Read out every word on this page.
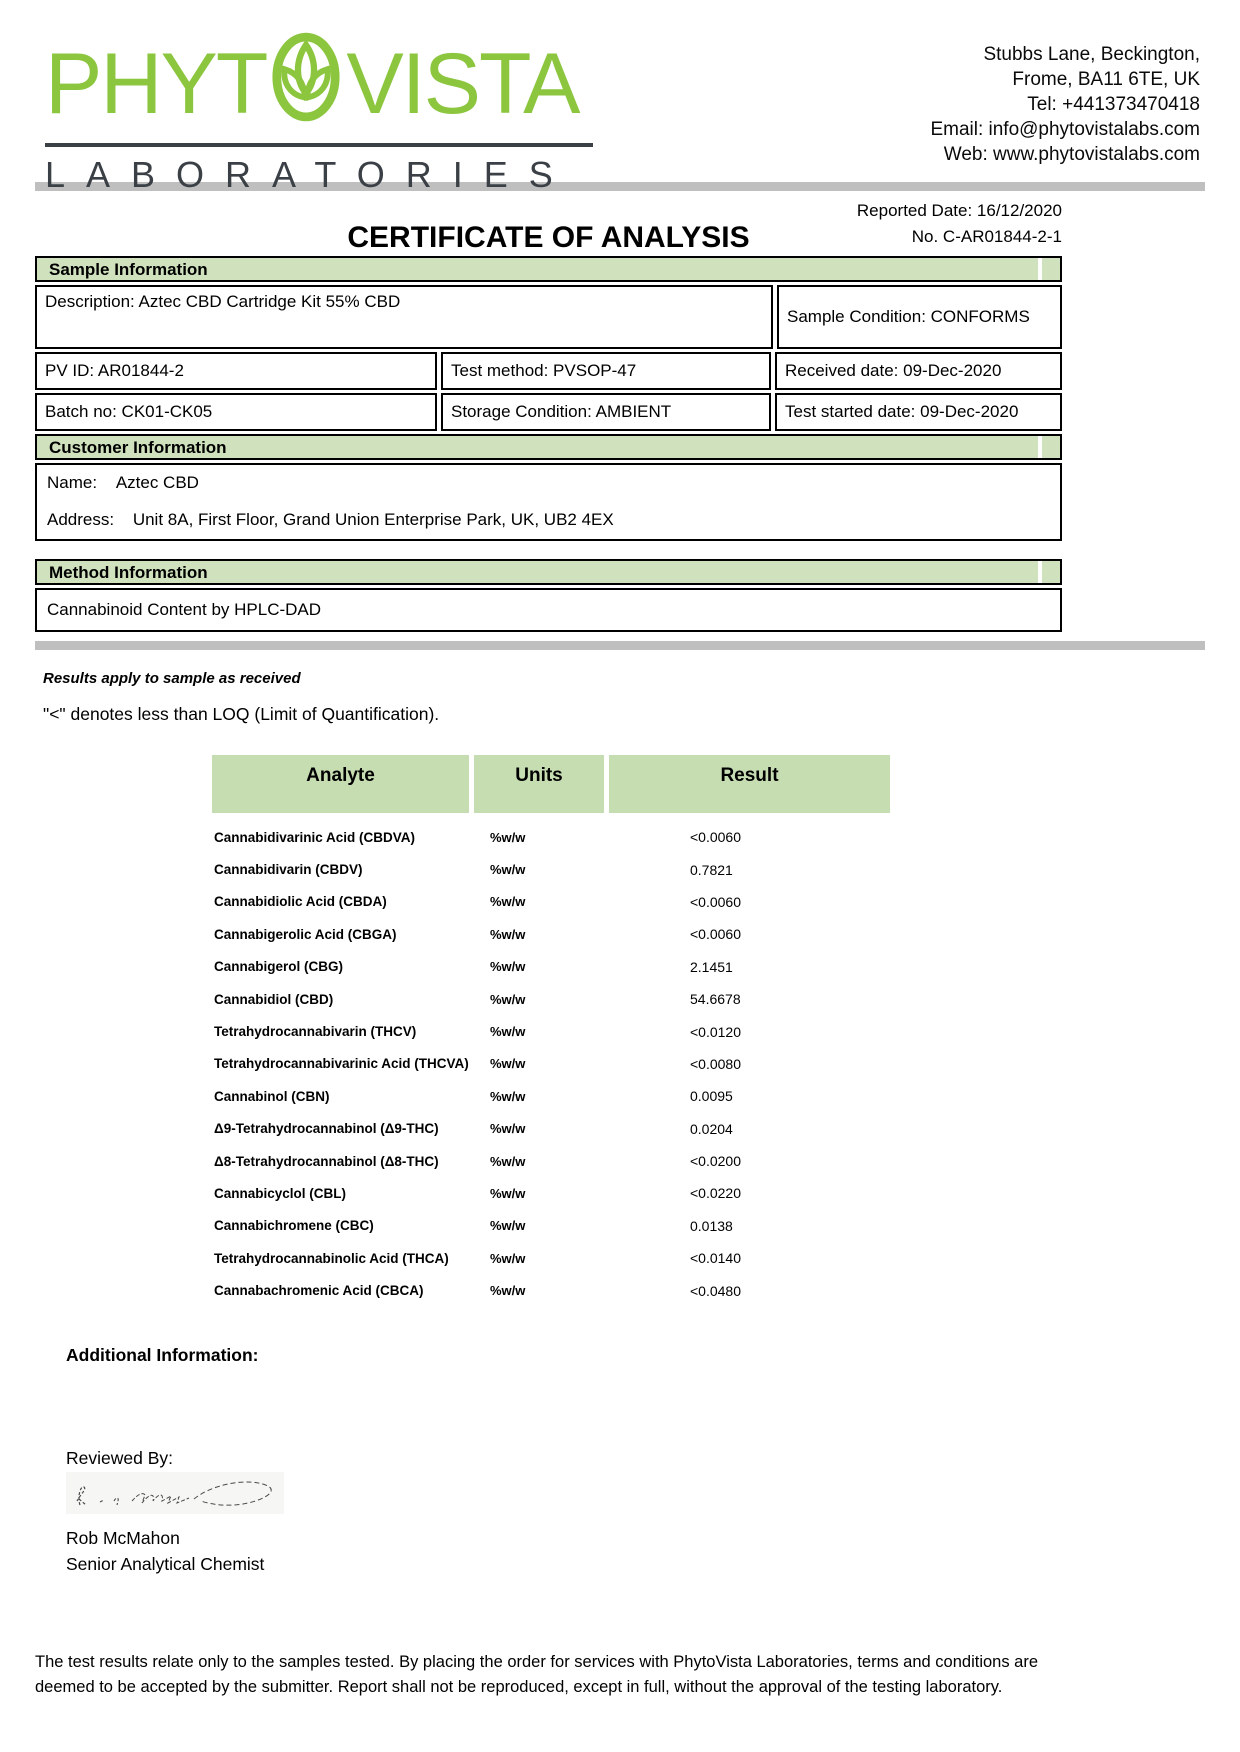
PHYT VISTA
LABORATORIES
Stubbs Lane, Beckington,
Frome, BA11 6TE, UK
Tel: +441373470418
Email: info@phytovistalabs.com
Web: www.phytovistalabs.com
CERTIFICATE OF ANALYSIS
Reported Date: 16/12/2020
No. C-AR01844-2-1
Sample Information
Description: Aztec CBD Cartridge Kit 55% CBD
Sample Condition: CONFORMS
PV ID: AR01844-2	Test method: PVSOP-47	Received date: 09-Dec-2020
Batch no: CK01-CK05	Storage Condition: AMBIENT	Test started date: 09-Dec-2020
Customer Information
Name: Aztec CBD
Address: Unit 8A, First Floor, Grand Union Enterprise Park, UK, UB2 4EX
Method Information
Cannabinoid Content by HPLC-DAD
Results apply to sample as received
"<" denotes less than LOQ (Limit of Quantification).
Analyte	Units	Result
Cannabidivarinic Acid (CBDVA)	%w/w	<0.0060
Cannabidivarin (CBDV)	%w/w	0.7821
Cannabidiolic Acid (CBDA)	%w/w	<0.0060
Cannabigerolic Acid (CBGA)	%w/w	<0.0060
Cannabigerol (CBG)	%w/w	2.1451
Cannabidiol (CBD)	%w/w	54.6678
Tetrahydrocannabivarin (THCV)	%w/w	<0.0120
Tetrahydrocannabivarinic Acid (THCVA)	%w/w	<0.0080
Cannabinol (CBN)	%w/w	0.0095
Δ9-Tetrahydrocannabinol (Δ9-THC)	%w/w	0.0204
Δ8-Tetrahydrocannabinol (Δ8-THC)	%w/w	<0.0200
Cannabicyclol (CBL)	%w/w	<0.0220
Cannabichromene (CBC)	%w/w	0.0138
Tetrahydrocannabinolic Acid (THCA)	%w/w	<0.0140
Cannabachromenic Acid (CBCA)	%w/w	<0.0480
Additional Information:
Reviewed By:
Rob McMahon
Senior Analytical Chemist
The test results relate only to the samples tested. By placing the order for services with PhytoVista Laboratories, terms and conditions are
deemed to be accepted by the submitter. Report shall not be reproduced, except in full, without the approval of the testing laboratory.
